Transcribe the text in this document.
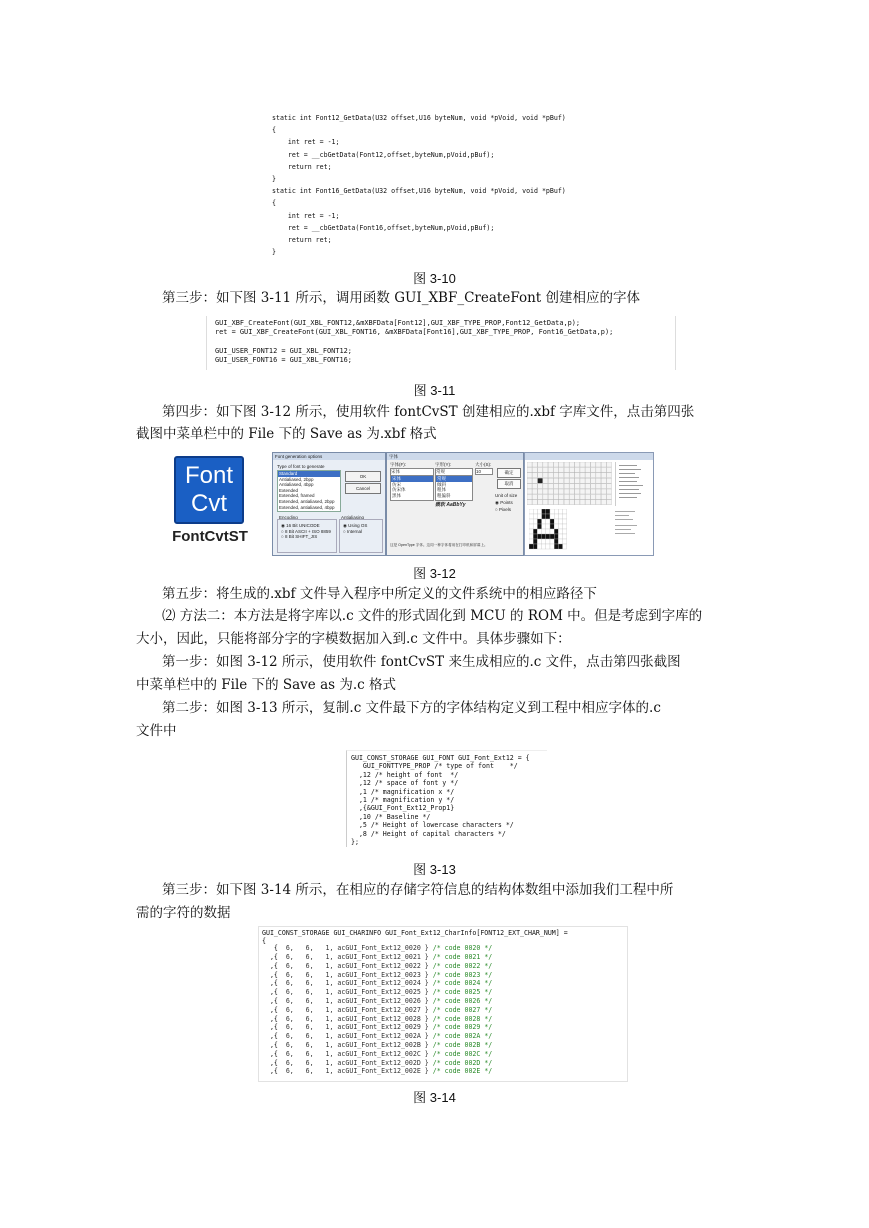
static int Font12_GetData(U32 offset,U16 byteNum, void *pVoid, void *pBuf)
{
int ret = -1;
ret = __cbGetData(Font12,offset,byteNum,pVoid,pBuf);
return ret;
}
static int Font16_GetData(U32 offset,U16 byteNum, void *pVoid, void *pBuf)
{
int ret = -1;
ret = __cbGetData(Font16,offset,byteNum,pVoid,pBuf);
return ret;
}
图 3-10
第三步：如下图 3-11 所示，调用函数 GUI_XBF_CreateFont 创建相应的字体
GUI_XBF_CreateFont(GUI_XBL_FONT12,&mXBFData[Font12],GUI_XBF_TYPE_PROP,Font12_GetData,p);
ret = GUI_XBF_CreateFont(GUI_XBL_FONT16, &mXBFData[Font16],GUI_XBF_TYPE_PROP, Font16_GetData,p);
GUI_USER_FONT12 = GUI_XBL_FONT12;
GUI_USER_FONT16 = GUI_XBL_FONT16;
图 3-11
第四步：如下图 3-12 所示，使用软件 fontCvST 创建相应的.xbf 字库文件，点击第四张
截图中菜单栏中的 File 下的 Save as 为.xbf 格式
Font
Cvt
FontCvtST
Font generation options
Type of font to generate
Standard
Antialiased, 2bpp
Antialiased, 4bpp
Extended
Extended, framed
Extended, antialiased, 2bpp
Extended, antialiased, 4bpp
OK
Cancel
Encoding
◉ 16 Bit UNICODE
○ 8 Bit ASCII + ISO 8859
○ 8 Bit SHIFT_JIS
Antialiasing
◉ Using OS
○ Internal
字体
字体(F):	字形(Y):	大小(S):
宋体	常规	10
宋体
仿宋
仿宋体
黑体
常规
倾斜
粗体
粗偏斜
确定
取消
Unit of size
◉ Points
○ Pixels
微软 AaBbYy
这是 OpenType 字体。这同一种字体将用在打印机和屏幕上。
图 3-12
第五步：将生成的.xbf 文件导入程序中所定义的文件系统中的相应路径下
⑵ 方法二：本方法是将字库以.c 文件的形式固化到 MCU 的 ROM 中。但是考虑到字库的
大小，因此，只能将部分字的字模数据加入到.c 文件中。具体步骤如下：
第一步：如图 3-12 所示，使用软件 fontCvST 来生成相应的.c 文件，点击第四张截图
中菜单栏中的 File 下的 Save as 为.c 格式
第二步：如图 3-13 所示，复制.c 文件最下方的字体结构定义到工程中相应字体的.c
文件中
GUI_CONST_STORAGE GUI_FONT GUI_Font_Ext12 = {
GUI_FONTTYPE_PROP /* type of font    */
,12 /* height of font  */
,12 /* space of font y */
,1 /* magnification x */
,1 /* magnification y */
,{&GUI_Font_Ext12_Prop1}
,10 /* Baseline */
,5 /* Height of lowercase characters */
,8 /* Height of capital characters */
};
图 3-13
第三步：如下图 3-14 所示，在相应的存储字符信息的结构体数组中添加我们工程中所
需的字符的数据
GUI_CONST_STORAGE GUI_CHARINFO GUI_Font_Ext12_CharInfo[FONT12_EXT_CHAR_NUM] =
{
{  6,   6,   1, acGUI_Font_Ext12_0020 } /* code 0020 */
,{  6,   6,   1, acGUI_Font_Ext12_0021 } /* code 0021 */
,{  6,   6,   1, acGUI_Font_Ext12_0022 } /* code 0022 */
,{  6,   6,   1, acGUI_Font_Ext12_0023 } /* code 0023 */
,{  6,   6,   1, acGUI_Font_Ext12_0024 } /* code 0024 */
,{  6,   6,   1, acGUI_Font_Ext12_0025 } /* code 0025 */
,{  6,   6,   1, acGUI_Font_Ext12_0026 } /* code 0026 */
,{  6,   6,   1, acGUI_Font_Ext12_0027 } /* code 0027 */
,{  6,   6,   1, acGUI_Font_Ext12_0028 } /* code 0028 */
,{  6,   6,   1, acGUI_Font_Ext12_0029 } /* code 0029 */
,{  6,   6,   1, acGUI_Font_Ext12_002A } /* code 002A */
,{  6,   6,   1, acGUI_Font_Ext12_002B } /* code 002B */
,{  6,   6,   1, acGUI_Font_Ext12_002C } /* code 002C */
,{  6,   6,   1, acGUI_Font_Ext12_002D } /* code 002D */
,{  6,   6,   1, acGUI_Font_Ext12_002E } /* code 002E */
图 3-14
